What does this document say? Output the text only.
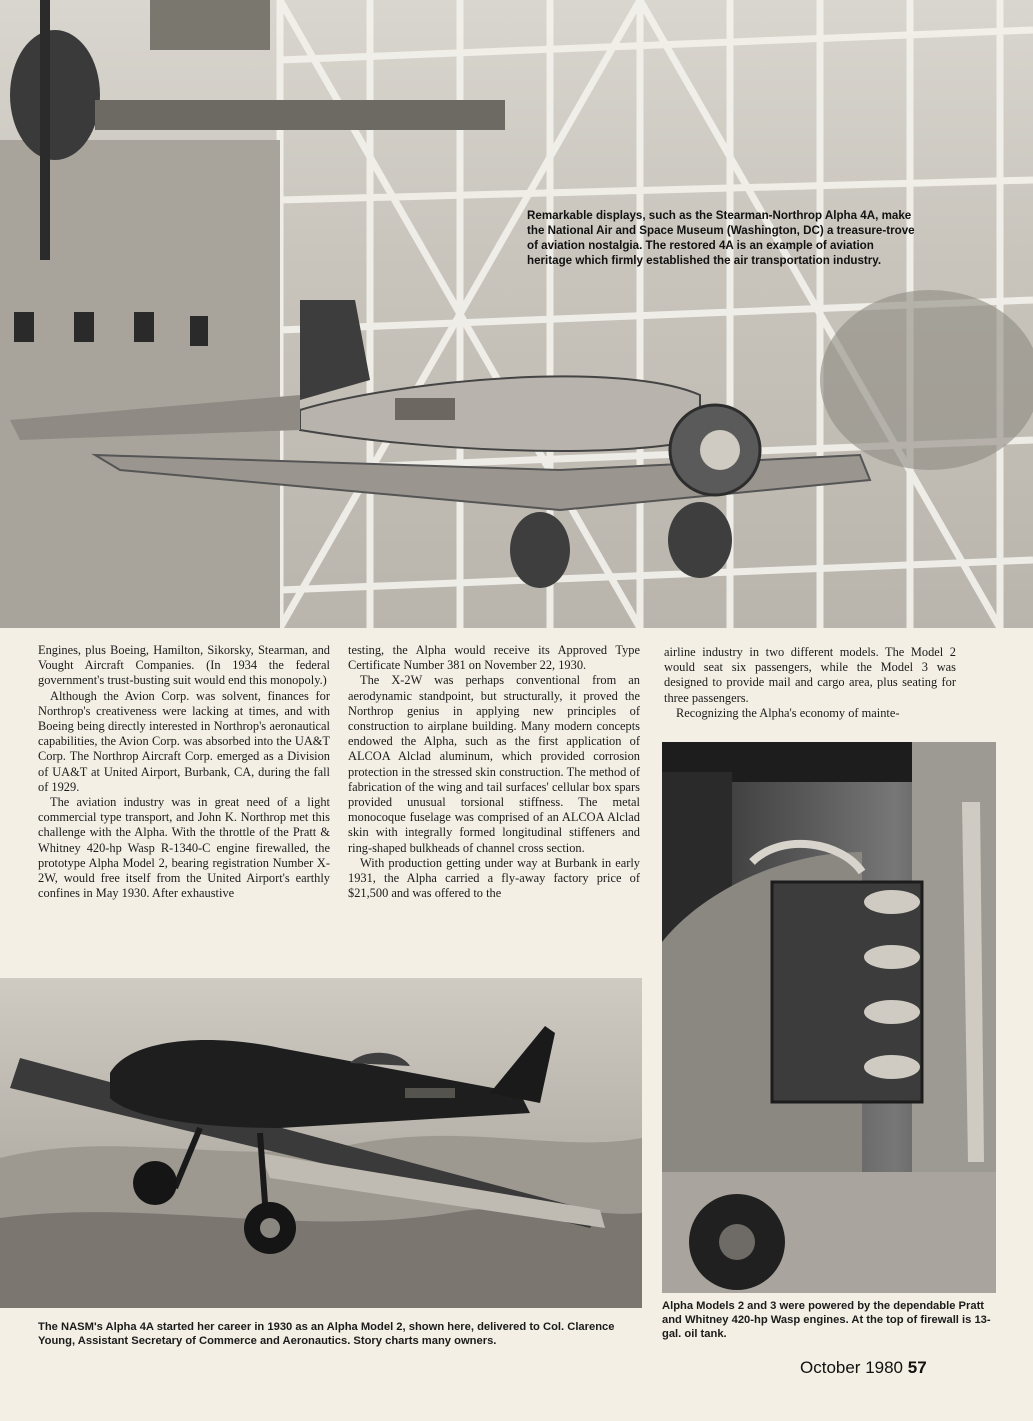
Remarkable displays, such as the Stearman-Northrop Alpha 4A, make the National Air and Space Museum (Washington, DC) a treasure-trove of aviation nostalgia. The restored 4A is an example of aviation heritage which firmly established the air transportation industry.

Engines, plus Boeing, Hamilton, Sikorsky, Stearman, and Vought Aircraft Companies. (In 1934 the federal government's trust-busting suit would end this monopoly.)

Although the Avion Corp. was solvent, finances for Northrop's creativeness were lacking at times, and with Boeing being directly interested in Northrop's aeronautical capabilities, the Avion Corp. was absorbed into the UA&T Corp. The Northrop Aircraft Corp. emerged as a Division of UA&T at United Airport, Burbank, CA, during the fall of 1929.

The aviation industry was in great need of a light commercial type transport, and John K. Northrop met this challenge with the Alpha. With the throttle of the Pratt & Whitney 420-hp Wasp R-1340-C engine firewalled, the prototype Alpha Model 2, bearing registration Number X-2W, would free itself from the United Airport's earthly confines in May 1930. After exhaustive

testing, the Alpha would receive its Approved Type Certificate Number 381 on November 22, 1930.

The X-2W was perhaps conventional from an aerodynamic standpoint, but structurally, it proved the Northrop genius in applying new principles of construction to airplane building. Many modern concepts endowed the Alpha, such as the first application of ALCOA Alclad aluminum, which provided corrosion protection in the stressed skin construction. The method of fabrication of the wing and tail surfaces' cellular box spars provided unusual torsional stiffness. The metal monocoque fuselage was comprised of an ALCOA Alclad skin with integrally formed longitudinal stiffeners and ring-shaped bulkheads of channel cross section.

With production getting under way at Burbank in early 1931, the Alpha carried a fly-away factory price of $21,500 and was offered to the

airline industry in two different models. The Model 2 would seat six passengers, while the Model 3 was designed to provide mail and cargo area, plus seating for three passengers.

Recognizing the Alpha's economy of mainte-

The NASM's Alpha 4A started her career in 1930 as an Alpha Model 2, shown here, delivered to Col. Clarence Young, Assistant Secretary of Commerce and Aeronautics. Story charts many owners.
Alpha Models 2 and 3 were powered by the dependable Pratt and Whitney 420-hp Wasp engines. At the top of firewall is 13-gal. oil tank.
October 1980 57
